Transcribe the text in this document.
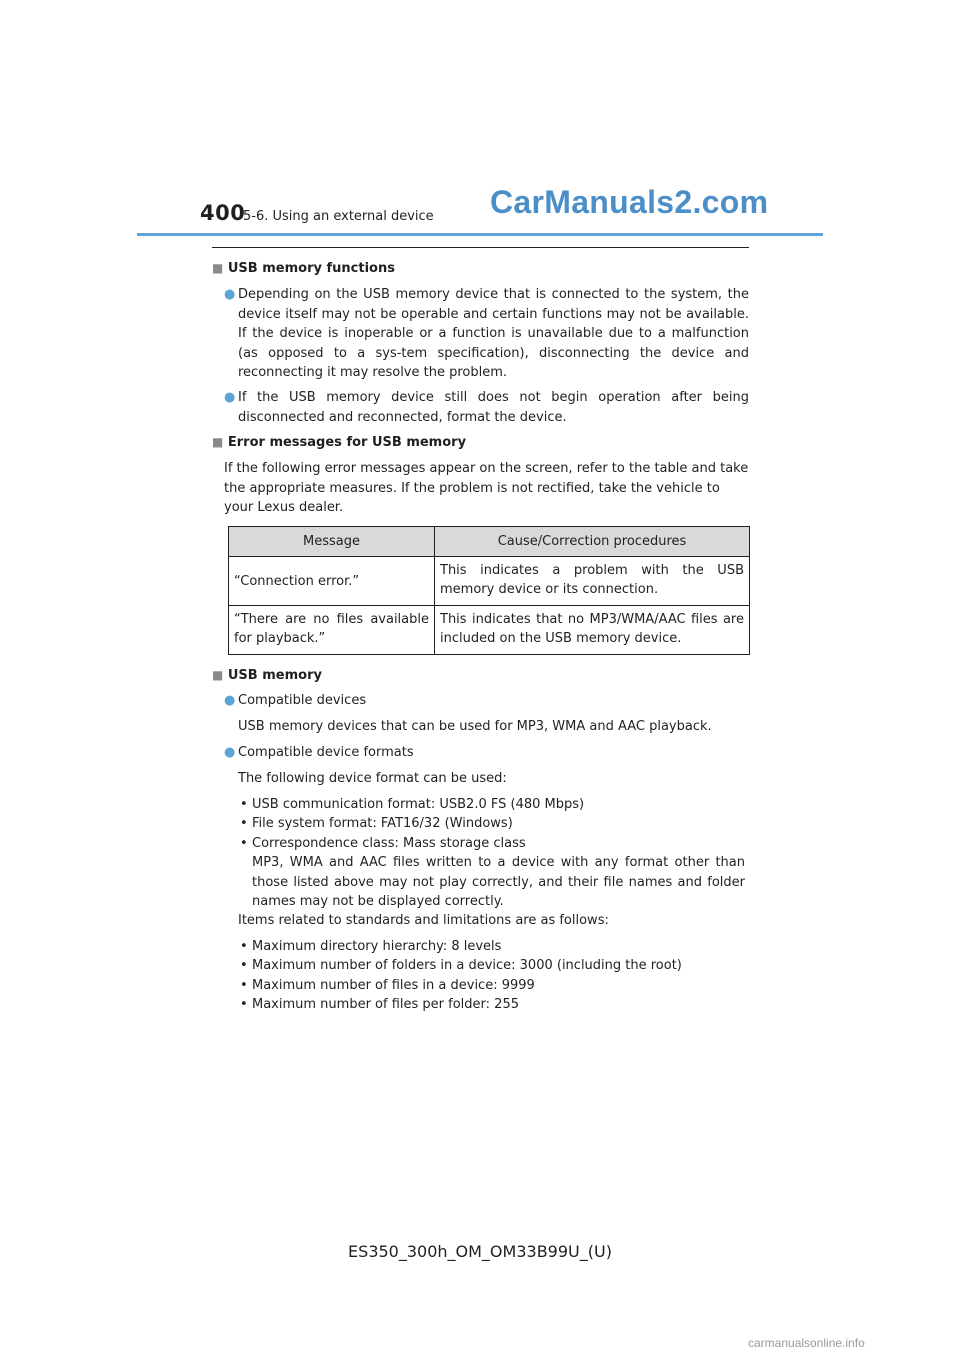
400
5-6. Using an external device CarManuals2.com
■ USB memory functions
● Depending on the USB memory device that is connected to the system, the device itself may not be operable and certain functions may not be available. If the device is inoperable or a function is unavailable due to a malfunction (as opposed to a sys-tem specification), disconnecting the device and reconnecting it may resolve the problem.
● If the USB memory device still does not begin operation after being disconnected and reconnected, format the device.
■ Error messages for USB memory
If the following error messages appear on the screen, refer to the table and take the appropriate measures. If the problem is not rectified, take the vehicle to your Lexus dealer.
Message	Cause/Correction procedures
“Connection error.”	This indicates a problem with the USB memory device or its connection.
“There are no files available for playback.”	This indicates that no MP3/WMA/AAC files are included on the USB memory device.
■ USB memory
● Compatible devices
USB memory devices that can be used for MP3, WMA and AAC playback.
● Compatible device formats
The following device format can be used:
• USB communication format: USB2.0 FS (480 Mbps)
• File system format: FAT16/32 (Windows)
• Correspondence class: Mass storage class
MP3, WMA and AAC files written to a device with any format other than those listed above may not play correctly, and their file names and folder names may not be displayed correctly.
Items related to standards and limitations are as follows:
• Maximum directory hierarchy: 8 levels
• Maximum number of folders in a device: 3000 (including the root)
• Maximum number of files in a device: 9999
• Maximum number of files per folder: 255
ES350_300h_OM_OM33B99U_(U)
carmanualsonline.info
